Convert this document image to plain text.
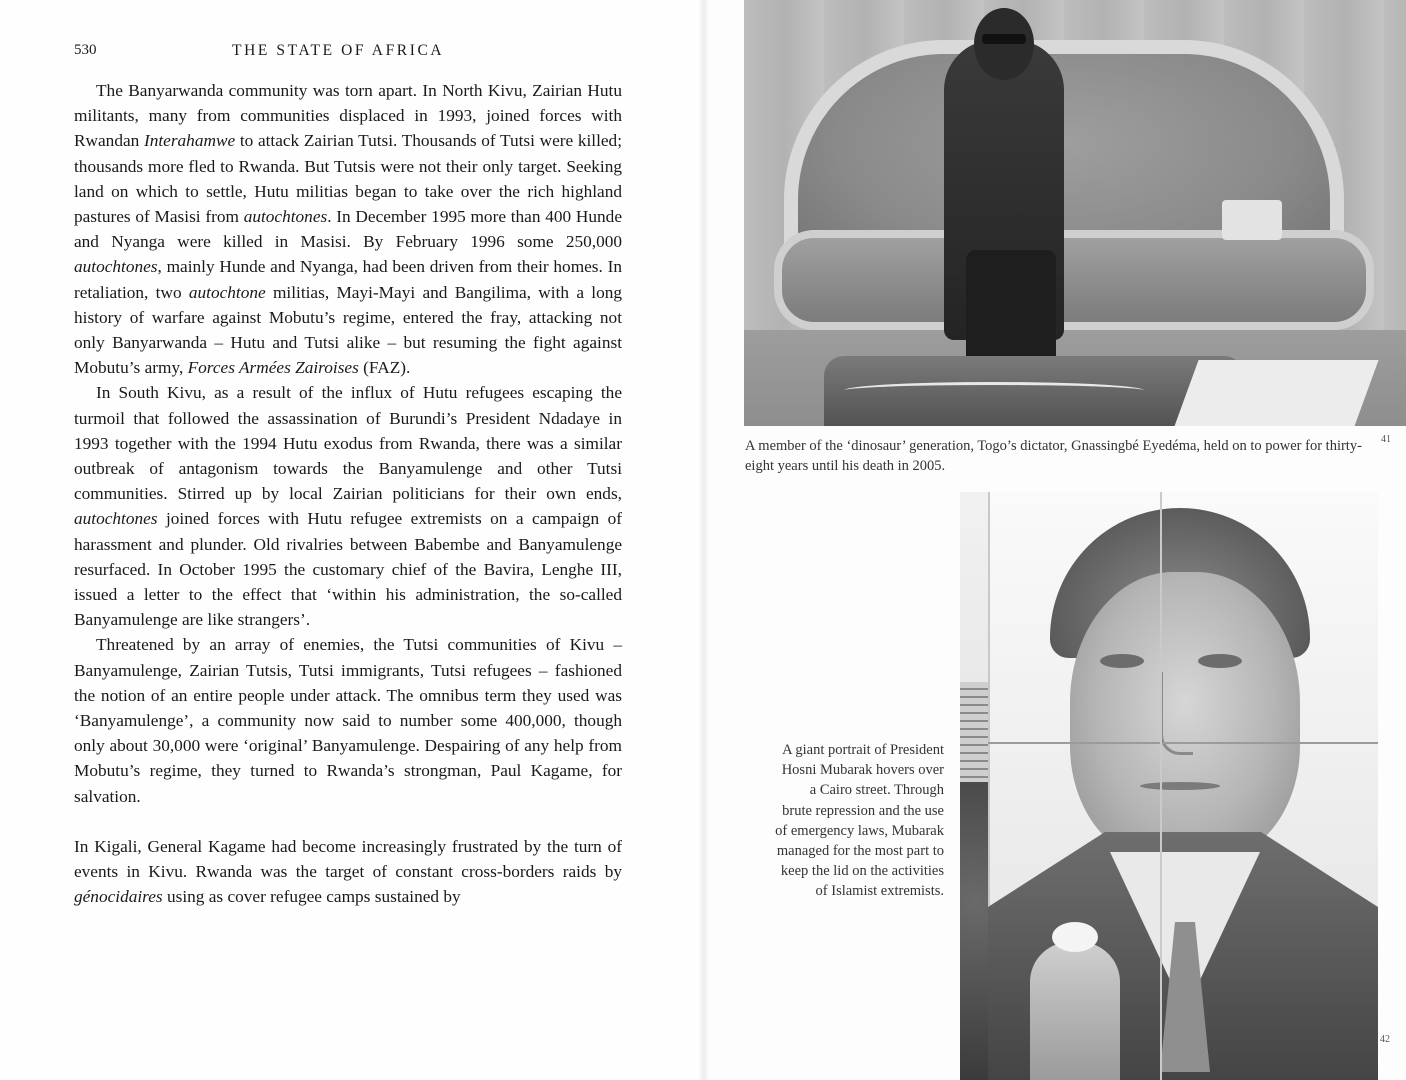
530	THE STATE OF AFRICA

The Banyarwanda community was torn apart. In North Kivu, Zairian Hutu militants, many from communities displaced in 1993, joined forces with Rwandan Interahamwe to attack Zairian Tutsi. Thousands of Tutsi were killed; thousands more fled to Rwanda. But Tutsis were not their only target. Seeking land on which to settle, Hutu militias began to take over the rich highland pastures of Masisi from autochtones. In December 1995 more than 400 Hunde and Nyanga were killed in Masisi. By February 1996 some 250,000 autochtones, mainly Hunde and Nyanga, had been driven from their homes. In retaliation, two autochtone militias, Mayi-Mayi and Bangilima, with a long history of warfare against Mobutu’s regime, entered the fray, attacking not only Banyarwanda – Hutu and Tutsi alike – but resuming the fight against Mobutu’s army, Forces Armées Zairoises (FAZ).

In South Kivu, as a result of the influx of Hutu refugees escaping the turmoil that followed the assassination of Burundi’s President Ndadaye in 1993 together with the 1994 Hutu exodus from Rwanda, there was a similar outbreak of antagonism towards the Banyamulenge and other Tutsi communities. Stirred up by local Zairian politicians for their own ends, autochtones joined forces with Hutu refugee extremists on a campaign of harassment and plunder. Old rivalries between Babembe and Banyamulenge resurfaced. In October 1995 the customary chief of the Bavira, Lenghe III, issued a letter to the effect that ‘within his administration, the so-called Banyamulenge are like strangers’.

Threatened by an array of enemies, the Tutsi communities of Kivu – Banyamulenge, Zairian Tutsis, Tutsi immigrants, Tutsi refugees – fashioned the notion of an entire people under attack. The omnibus term they used was ‘Banyamulenge’, a community now said to number some 400,000, though only about 30,000 were ‘original’ Banyamulenge. Despairing of any help from Mobutu’s regime, they turned to Rwanda’s strongman, Paul Kagame, for salvation.

In Kigali, General Kagame had become increasingly frustrated by the turn of events in Kivu. Rwanda was the target of constant cross-borders raids by génocidaires using as cover refugee camps sustained by

A member of the ‘dinosaur’ generation, Togo’s dictator, Gnassingbé Eyedéma, held on to power for thirty-eight years until his death in 2005.
41
A giant portrait of President
Hosni Mubarak hovers over
a Cairo street. Through
brute repression and the use
of emergency laws, Mubarak
managed for the most part to
keep the lid on the activities
of Islamist extremists.
42
